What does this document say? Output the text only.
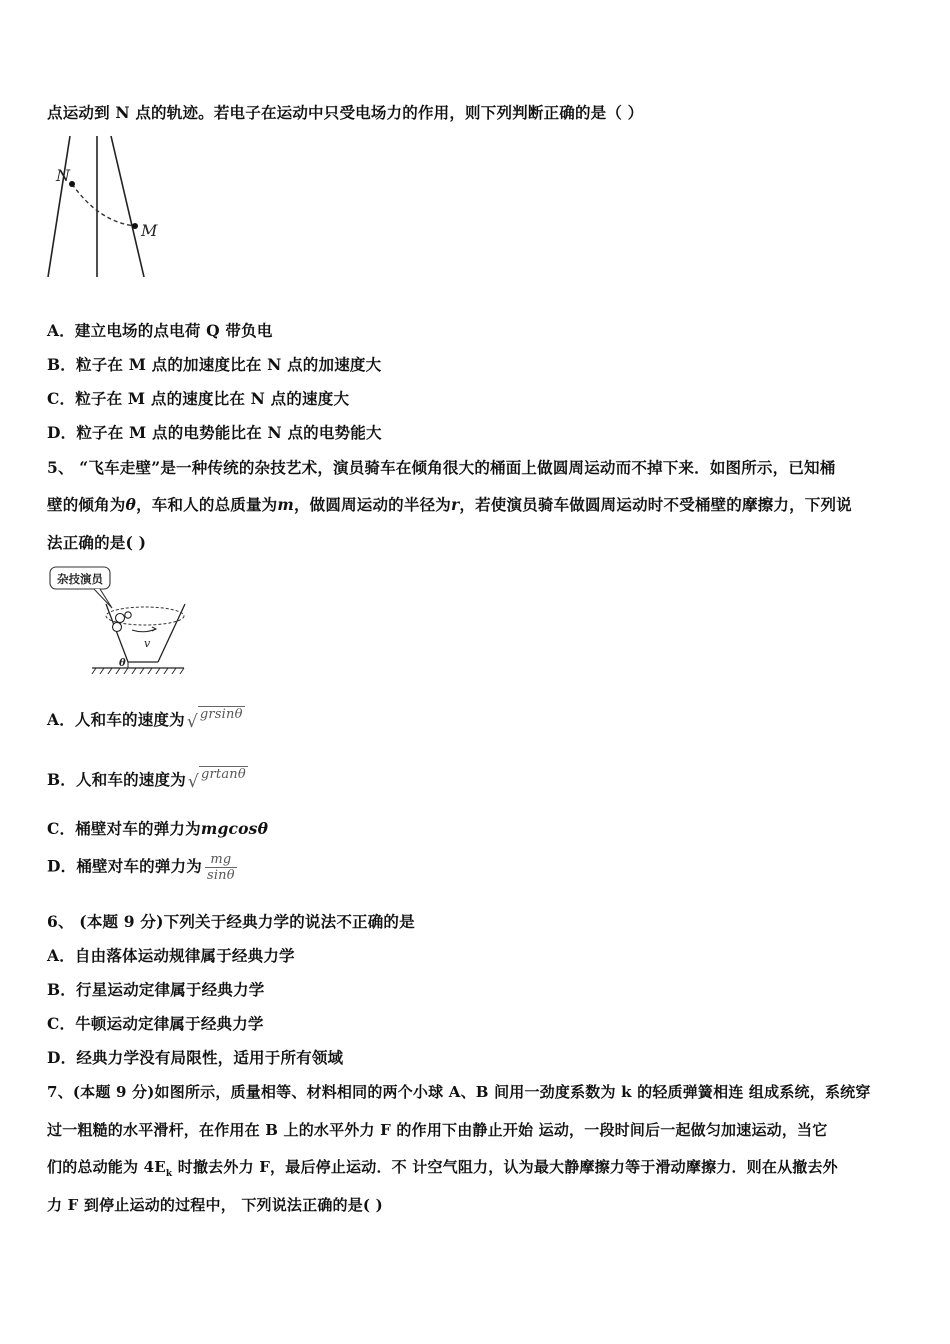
点运动到 N 点的轨迹。若电子在运动中只受电场力的作用，则下列判断正确的是（ ）
N
M
A．建立电场的点电荷 Q 带负电
B．粒子在 M 点的加速度比在 N 点的加速度大
C．粒子在 M 点的速度比在 N 点的速度大
D．粒子在 M 点的电势能比在 N 点的电势能大
5、 “飞车走壁”是一种传统的杂技艺术，演员骑车在倾角很大的桶面上做圆周运动而不掉下来．如图所示，已知桶
壁的倾角为θ，车和人的总质量为m，做圆周运动的半径为r，若使演员骑车做圆周运动时不受桶壁的摩擦力，下列说
法正确的是( )
杂技演员
v
θ
A．人和车的速度为 √ $^{grsin\theta}$
B．人和车的速度为 √ $^{grtan\theta}$
C．桶壁对车的弹力为mgcosθ
D．桶壁对车的弹力为 $\frac{mg}{\sin\theta}$
6、 (本题 9 分)下列关于经典力学的说法不正确的是
A．自由落体运动规律属于经典力学
B．行星运动定律属于经典力学
C．牛顿运动定律属于经典力学
D．经典力学没有局限性，适用于所有领域
7、(本题 9 分)如图所示，质量相等、材料相同的两个小球 A、B 间用一劲度系数为 k 的轻质弹簧相连 组成系统，系统穿
过一粗糙的水平滑杆，在作用在 B 上的水平外力 F 的作用下由静止开始 运动，一段时间后一起做匀加速运动，当它
们的总动能为 $4E_k$ 时撤去外力 F，最后停止运动．不 计空气阻力，认为最大静摩擦力等于滑动摩擦力．则在从撤去外
力 F 到停止运动的过程中， 下列说法正确的是( )
